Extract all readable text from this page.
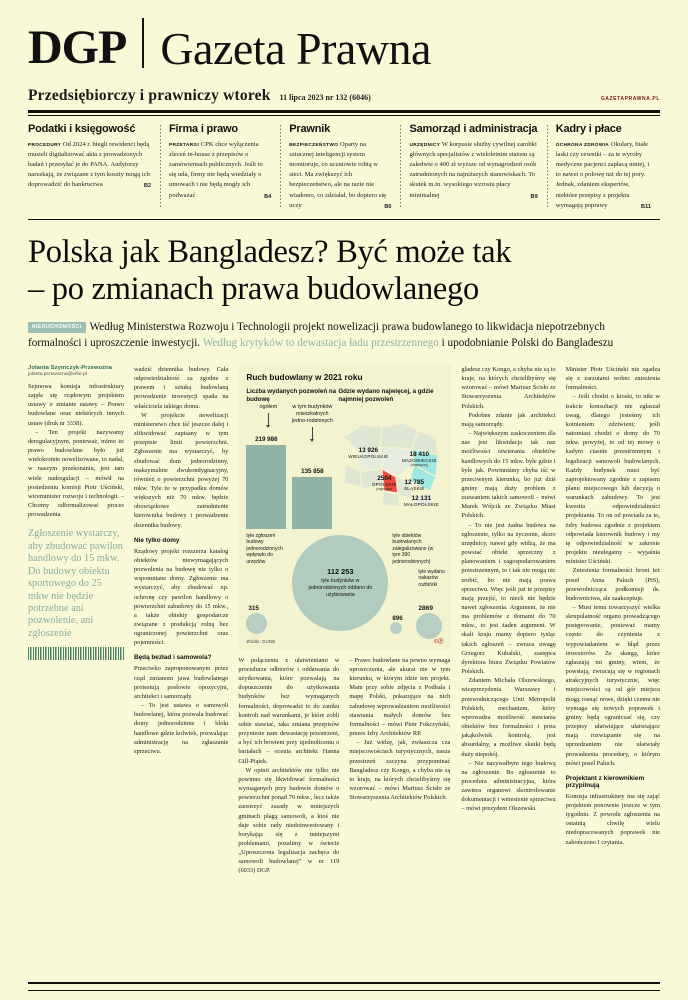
DGP Gazeta Prawna
Przedsiębiorczy i prawniczy wtorek 11 lipca 2023 nr 132 (6046)	GAZETAPRAWNA.PL
Podatki i księgowość
PROCEDURY Od 2024 r. biegli rewidenci będą musieli digitalizować akta z prowadzonych badań i przesyłać je do PANA. Audytorzy narzekają, że związane z tym koszty mogą ich doprowadzić do bankructwa	B2
Firma i prawo
PRZETARGI CPK chce wyłączenia zleceń in-house z przepisów o zamówieniach publicznych. Jeśli to się uda, firmy nie będą wiedziały o umowach i nie będą mogły ich podważać	B4
Prawnik
BEZPIECZEŃSTWO Oparty na sztucznej inteligencji system monitoruje, co uczniowie robią w sieci. Ma zwiększyć ich bezpieczeństwo, ale na razie nie wiadomo, co zdziałał, bo dopiero się uczy	B6
Samorząd i administracja
URZĘDNICY W korpusie służby cywilnej zarobki głównych specjalistów z wieloletnim stażem są zaledwie o 400 zł wyższe od wynagrodzeń osób zatrudnionych na najniższych stanowiskach. To skutek m.in. wysokiego wzrostu płacy minimalnej	B9
Kadry i płace
OCHRONA ZDROWIA Okulary, białe laski czy cewniki – za te wyroby medyczne pacjenci zapłacą mniej, i to nawet o połowę niż do tej pory. Jednak, zdaniem ekspertów, niektóre przepisy z projektu wymagają poprawy	B11
Polska jak Bangladesz? Być może tak
– po zmianach prawa budowlanego
NIERUCHOMOŚCI Według Ministerstwa Rozwoju i Technologii projekt nowelizacji prawa budowlanego to likwidacja niepotrzebnych formalności i uproszczenie inwestycji. Według krytyków to dewastacja ładu przestrzennego i upodobnianie Polski do Bangladeszu
Jolanta Szymczyk-Przewoźna
jolanta.przewozna@infor.pl

Sejmowa komisja infrastruktury zajęła się rządowym projektem ustawy o zmianie ustawy – Prawo budowlane oraz niektórych innych ustaw (druk nr 3338).

– Ten projekt nazywamy deregulacyjnym, ponieważ, mimo że prawo budowlane było już wielokrotnie nowelizowane, to nadal, w naszym przekonaniu, jest tam wiele nadregulacji – mówił na posiedzeniu komisji Piotr Uściński, wiceminister rozwoju i technologii. – Chcemy odformalizować proces prowadzenia

Zgłoszenie wystarczy, aby zbudować pawilon handlowy do 15 mkw. Do budowy obiektu sportowego do 25 mkw nie będzie potrzebne ani pozwolenie, ani zgłoszenie

wadzić dziennika budowy. Cała odpowiedzialność za zgodne z prawem i sztuką budowlaną prowadzenie inwestycji spada na właściciela takiego domu.

W projekcie nowelizacji ministerstwo chce iść jeszcze dalej i zlikwidować zapisany w tym przepisie limit powierzchni. Zgłoszenie ma wystarczyć, by zbudować dom jednorodzinny, maksymalnie dwukondygnacyjny, również o powierzchni powyżej 70 mkw. Tyle że w przypadku domów większych niż 70 mkw. będzie obowiązkowe zatrudnienie kierownika budowy i prowadzenie dziennika budowy.

Nie tylko domy

Rządowy projekt rozszerza katalog obiektów niewymagających pozwolenia na budowę nie tylko o wspomniane domy. Zgłoszenie ma wystarczyć, aby zbudować np. ochronę czy pawilon handlowy o powierzchni zabudowy do 15 mkw., a także obiekty gospodarcze związane z produkcją rolną bez ograniczonej powierzchni oraz pojemności.

Będą bezład i samowola?

Przeciwko zaproponowanym przez rząd zmianom jawa budowlanego protestują posłowie opozycyjni, architekci i samorządy.

– To jest ustawa o samowoli budowlanej, która pozwala budować domy jednorodzinne i bloki handlowe gdzie kolwiek, pozwalając administrację na zgłaszanie sprzeciwu.

Ruch budowlany w 2021 roku
Liczba wydanych pozwoleń na budowę
ogółem	w tym budynków mieszkalnych jedno-rodzinnych
219 986
135 858
Gdzie wydano najwięcej, a gdzie najmniej pozwoleń
13 926
WIELKOPOLSKIE	18 410
MAZOWIECKIE
(najwięcej)
2504
OPOLSKIE
(najmniej)
12 785
ŚLĄSKIE
12 131
MAŁOPOLSKIE
tyle zgłoszeń budowy jednorodzinnych wpłynęło do urzędów
315
112 253
tyle budynków w jednorodzinnych oddano do użytkowania
tyle obiektów budowlanych zalegalizowano (w tym 390 jednorodzinnych)
896
tyle wydano nakazów rozbiórki
2869
Źródło: GUNB	©Ⓟ

W połączeniu z ułatwieniami w procedurze odbiorów i oddawania do użytkowania, które pozwalają na dopuszczenie do użytkowania budynków bez wymaganych formalności, doprowadzi to do zaniku kontroli nad warunkami, je które zobli sobie stawiać, taka zmiana przepisów przyniesie nam dewastację przestrzeni, a być ich bowiem przy ujednoliceniu o bariałach – ocenia architekt Hanna Gill-Piątek.

W opinii architektów nie tylko nie powinno się likwidować formalności wymaganych przy budowie domów o powierzchni ponad 70 mkw., lecz także zaostrzyć zasady w mniejszych gminach plagą samowoli, a ktoś nie daje sobie rady niedoinwestowany i borykając się z mniejszymi problemami, pozalimy w świecie „Uproszczona legalizacja zachęca do samowoli budowlanej” w nr 119 (6033) DGP.

– Prawo budowlane na pewno wymaga uproszczenia, ale akurat nie w tym kierunku, w którym idzie ten projekt. Mam przy sobie zdjęcia z Podhala i mapę Polski, pokazujące na nich zabudowę wprowadzaniem możliwości stawiania małych domów bez formalności – mówi Piotr Fokczyński, prezes Izby Architektów RP.

– Już widzę, jak, zwłaszcza cza miejscowościach turystycznych, nasza przestrzeń zaczyna przypominać Bangladesz czy Kongo, a chyba nie są to kraje, na których chcielibyśmy się wzorować – mówi Mariusz Ścisło ze Stowarzyszenia Architektów Polskich.

gladesz czy Kongo, a chyba nie są to kraje, na których chcielibyśmy się wzorować – mówi Mariusz Ścisło ze Stowarzyszenia Architektów Polskich.

Podobne zdanie jak architekci mają samorządy.

– Największym zaskoczeniem dla nas jest likwidacja tak naz możliwości otwierania obiektów handlowych do 15 mkw. byle gdzie i byle jak. Powinniśmy chyba iść w przeciwnym kierunku, bo już dziś gminy mają duży problem z zsuwaniem takich samowoli – mówi Marek Wójcik ze Związku Miast Polskich.

– To nie jest żadna budowa na zgłoszenie, tylko na życzenie, skoro urzędnicy, nawet gdy widzą, że ma powstać obiekt sprzeczny z planowaniem i zagospodarowaniem przestrzennym, to i tak nie mogą nic zrobić, bo nie mają prawa sprzeciwu. Więc jeśli już te przepisy mają przejść, to niech nie będzie nawet zgłoszenia. Argument, że nie ma problemów z domami do 70 mkw., to jest żaden argument. W skali kraju mamy dopiero tysiąc takich zgłoszeń – zwraca uwagę Grzegorz Kubalski, zastępca dyrektora biura Związku Powiatów Polskich.

Zdaniem Michała Olszewskiego, wiceprezydenta Warszawy i przewodniczącego Unii Metropolii Polskich, mechanizm, który wprowadza możliwość stawiania obiektów bez formalności i poza jakąkolwiek kontrolą, jest absurdalny, a możliwe skutki będą duży niepokój.

– Nie nazywałbym tego budową na zgłoszenie. Bo zgłoszenie to procedura administracyjna, która zawiera organowi skontrolowanie dokumentacji i wniesienie sprzeciwu – mówi prezydent Olszewski.

Minister Piotr Uściński nie zgadza się z zarzutami wobec zniesienia formalności.

– Jeśli chodzi o kioski, to nikt w trakcie konsultacji nie zgłaszał uwag, dlatego jesteśmy ich kotnieniem zdziwieni; jeśli natomiast chodzi o domy do 70 mkw. powyżej, to od tej mowy o kadym ciasnie przestrzennym i legalizacji samowoli budowlanych. Każdy budynek musi być zaprojektowany zgodnie z zapisem planu miejscowego lub decyzją o warunkach zabudowy. To jest kwestia odpowiedzialności projektanta. To on od powiada za to, żeby budowa zgodnie z projektem odpowiada kierownik budowy i my tę odpowiedzialność w zakresie projektu nieulegamy – wyjaśnia minister Uściński.

Zniesienia formalności broni też poseł Anna Paluch (PiS), przewodnicząca podkomisji ds. budownictwa, ale zaakceptuje.

– Musi temu towarzyszyć wielka skrupulatność organu prowadzącego postępowanie, ponieważ mamy często do czynienia z wypowiadaniem w błąd przez inwestorów. Ze skargą, które zgłaszają mi gminy, wiem, że powstają, zwracają się w regionach atrakcyjnych turystycznie, więc miejscowości są od gór miejsca mogą rosnąć nowe, dzięki czemu nie wymaga się nowych poprawek i gminy będą ograniczać się, czy przepisy ułatwiające ułatwiające mają rozwiązanie się na uprzedzaniem nie ułatwiały prowadzenia procedury, o którym mówi poseł Paluch.

Projektant z kierownikiem przypilnują

Komisja infrastruktury ma się zająć projektem ponownie jeszcze w tym tygodniu. Z powodu zgłoszenia na ostatnią chwilę wielu niedopracowanych poprawek nie zakończono I czytania.
